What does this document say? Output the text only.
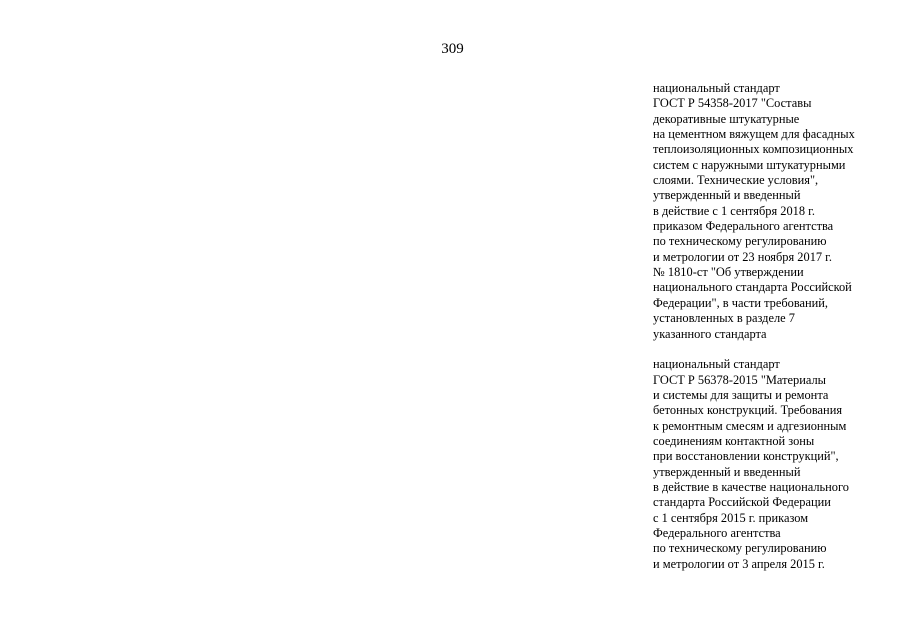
309
национальный стандарт
ГОСТ Р 54358-2017 "Составы
декоративные штукатурные
на цементном вяжущем для фасадных
теплоизоляционных композиционных
систем с наружными штукатурными
слоями. Технические условия",
утвержденный и введенный
в действие с 1 сентября 2018 г.
приказом Федерального агентства
по техническому регулированию
и метрологии от 23 ноября 2017 г.
№ 1810-ст "Об утверждении
национального стандарта Российской
Федерации", в части требований,
установленных в разделе 7
указанного стандарта
национальный стандарт
ГОСТ Р 56378-2015 "Материалы
и системы для защиты и ремонта
бетонных конструкций. Требования
к ремонтным смесям и адгезионным
соединениям контактной зоны
при восстановлении конструкций",
утвержденный и введенный
в действие в качестве национального
стандарта Российской Федерации
с 1 сентября 2015 г. приказом
Федерального агентства
по техническому регулированию
и метрологии от 3 апреля 2015 г.
